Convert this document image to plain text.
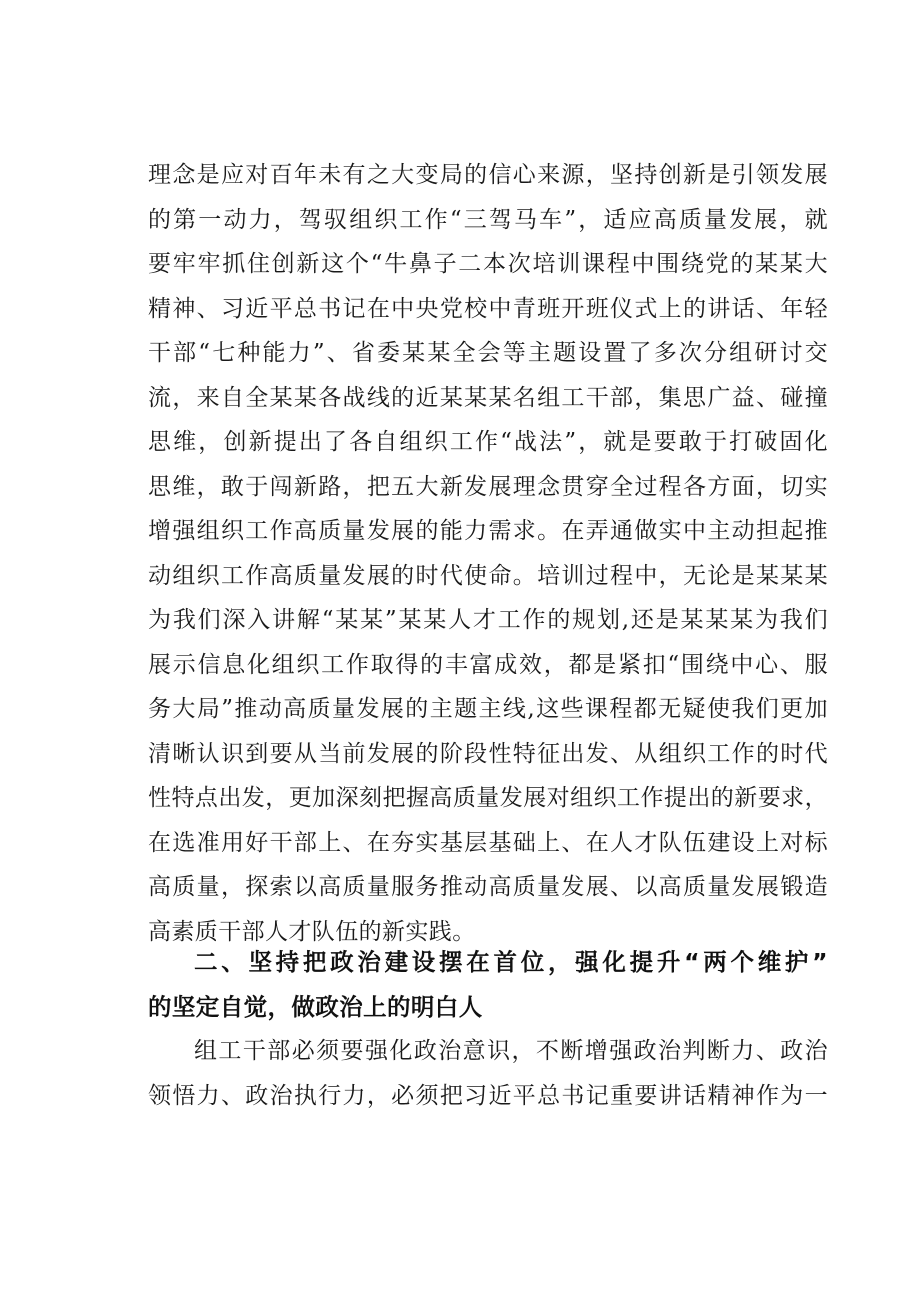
理念是应对百年未有之大变局的信心来源，坚持创新是引领发展
的第一动力，驾驭组织工作“三驾马车”，适应高质量发展，就
要牢牢抓住创新这个“牛鼻子二本次培训课程中围绕党的某某大
精神、习近平总书记在中央党校中青班开班仪式上的讲话、年轻
干部“七种能力”、省委某某全会等主题设置了多次分组研讨交
流，来自全某某各战线的近某某某名组工干部，集思广益、碰撞
思维，创新提出了各自组织工作“战法”，就是要敢于打破固化
思维，敢于闯新路，把五大新发展理念贯穿全过程各方面，切实
增强组织工作高质量发展的能力需求。在弄通做实中主动担起推
动组织工作高质量发展的时代使命。培训过程中，无论是某某某
为我们深入讲解“某某”某某人才工作的规划,还是某某某为我们
展示信息化组织工作取得的丰富成效，都是紧扣“围绕中心、服
务大局”推动高质量发展的主题主线,这些课程都无疑使我们更加
清晰认识到要从当前发展的阶段性特征出发、从组织工作的时代
性特点出发，更加深刻把握高质量发展对组织工作提出的新要求，
在选准用好干部上、在夯实基层基础上、在人才队伍建设上对标
高质量，探索以高质量服务推动高质量发展、以高质量发展锻造
高素质干部人才队伍的新实践。
二、坚持把政治建设摆在首位，强化提升“两个维护”
的坚定自觉，做政治上的明白人
组工干部必须要强化政治意识，不断增强政治判断力、政治
领悟力、政治执行力，必须把习近平总书记重要讲话精神作为一
